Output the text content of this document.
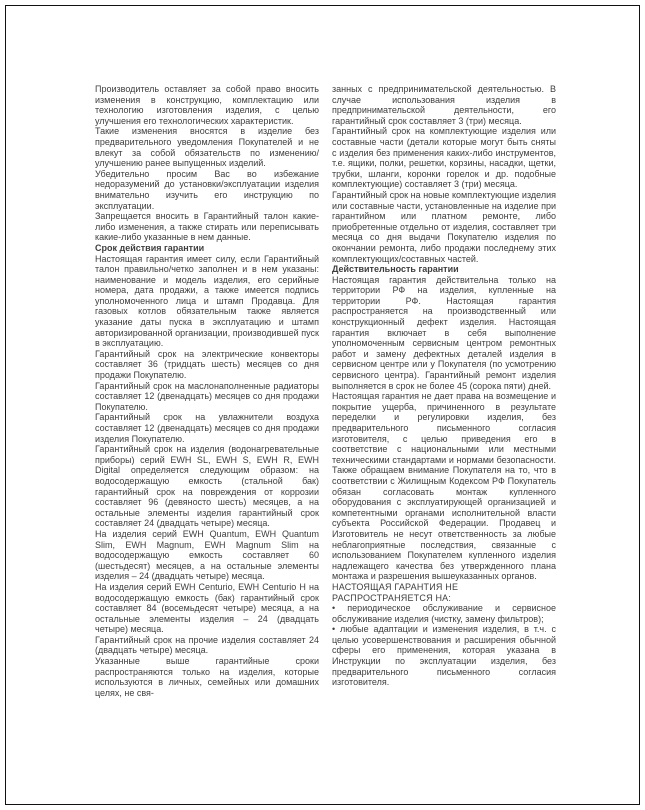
Производитель оставляет за собой право вносить изменения в конструкцию, комплектацию или технологию изготовления изделия, с целью улучшения его технологических характеристик.

Такие изменения вносятся в изделие без предварительного уведомления Покупателей и не влекут за собой обязательств по изменению/улучшению ранее выпущенных изделий.

Убедительно просим Вас во избежание недоразумений до установки/эксплуатации изделия внимательно изучить его инструкцию по эксплуатации.

Запрещается вносить в Гарантийный талон какие-либо изменения, а также стирать или переписывать какие-либо указанные в нем данные.

Срок действия гарантии

Настоящая гарантия имеет силу, если Гарантийный талон правильно/четко заполнен и в нем указаны: наименование и модель изделия, его серийные номера, дата продажи, а также имеется подпись уполномоченного лица и штамп Продавца. Для газовых котлов обязательным также является указание даты пуска в эксплуатацию и штамп авторизированной организации, производившей пуск в эксплуатацию.

Гарантийный срок на электрические конвекторы составляет 36 (тридцать шесть) месяцев со дня продажи Покупателю.

Гарантийный срок на маслонаполненные радиаторы составляет 12 (двенадцать) месяцев со дня продажи Покупателю.

Гарантийный срок на увлажнители воздуха составляет 12 (двенадцать) месяцев со дня продажи изделия Покупателю.

Гарантийный срок на изделия (водонагревательные приборы) серий EWH SL, EWH S, EWH R, EWH Digital определяется следующим образом: на водосодержащую емкость (стальной бак) гарантийный срок на повреждения от коррозии составляет 96 (девяносто шесть) месяцев, а на остальные элементы изделия гарантийный срок составляет 24 (двадцать четыре) месяца.

На изделия серий EWH Quantum, EWH Quantum Slim, EWH Magnum, EWH Magnum Slim на водосодержащую емкость составляет 60 (шестьдесят) месяцев, а на остальные элементы изделия – 24 (двадцать четыре) месяца.

На изделия серий EWH Centurio, EWH Centurio H на водосодержащую емкость (бак) гарантийный срок составляет 84 (восемьдесят четыре) месяца, а на остальные элементы изделия – 24 (двадцать четыре) месяца.

Гарантийный срок на прочие изделия составляет 24 (двадцать четыре) месяца.

Указанные выше гарантийные сроки распространяются только на изделия, которые используются в личных, семейных или домашних целях, не свя-

занных с предпринимательской деятельностью. В случае использования изделия в предпринимательской деятельности, его гарантийный срок составляет 3 (три) месяца.

Гарантийный срок на комплектующие изделия или составные части (детали которые могут быть сняты с изделия без применения каких-либо инструментов, т.е. ящики, полки, решетки, корзины, насадки, щетки, трубки, шланги, коронки горелок и др. подобные комплектующие) составляет 3 (три) месяца.

Гарантийный срок на новые комплектующие изделия или составные части, установленные на изделие при гарантийном или платном ремонте, либо приобретенные отдельно от изделия, составляет три месяца со дня выдачи Покупателю изделия по окончании ремонта, либо продажи последнему этих комплектующих/составных частей.

Действительность гарантии

Настоящая гарантия действительна только на территории РФ на изделия, купленные на территории РФ. Настоящая гарантия распространяется на производственный или конструкционный дефект изделия. Настоящая гарантия включает в себя выполнение уполномоченным сервисным центром ремонтных работ и замену дефектных деталей изделия в сервисном центре или у Покупателя (по усмотрению сервисного центра). Гарантийный ремонт изделия выполняется в срок не более 45 (сорока пяти) дней.

Настоящая гарантия не дает права на возмещение и покрытие ущерба, причиненного в результате переделки и регулировки изделия, без предварительного письменного согласия изготовителя, с целью приведения его в соответствие с национальными или местными техническими стандартами и нормами безопасности. Также обращаем внимание Покупателя на то, что в соответствии с Жилищным Кодексом РФ Покупатель обязан согласовать монтаж купленного оборудования с эксплуатирующей организацией и компетентными органами исполнительной власти субъекта Российской Федерации. Продавец и Изготовитель не несут ответственность за любые неблагоприятные последствия, связанные с использованием Покупателем купленного изделия надлежащего качества без утвержденного плана монтажа и разрешения вышеуказанных органов.

НАСТОЯЩАЯ ГАРАНТИЯ НЕ РАСПРОСТРАНЯЕТСЯ НА:

• периодическое обслуживание и сервисное обслуживание изделия (чистку, замену фильтров);

• любые адаптации и изменения изделия, в т.ч. с целью усовершенствования и расширения обычной сферы его применения, которая указана в Инструкции по эксплуатации изделия, без предварительного письменного согласия изготовителя.
